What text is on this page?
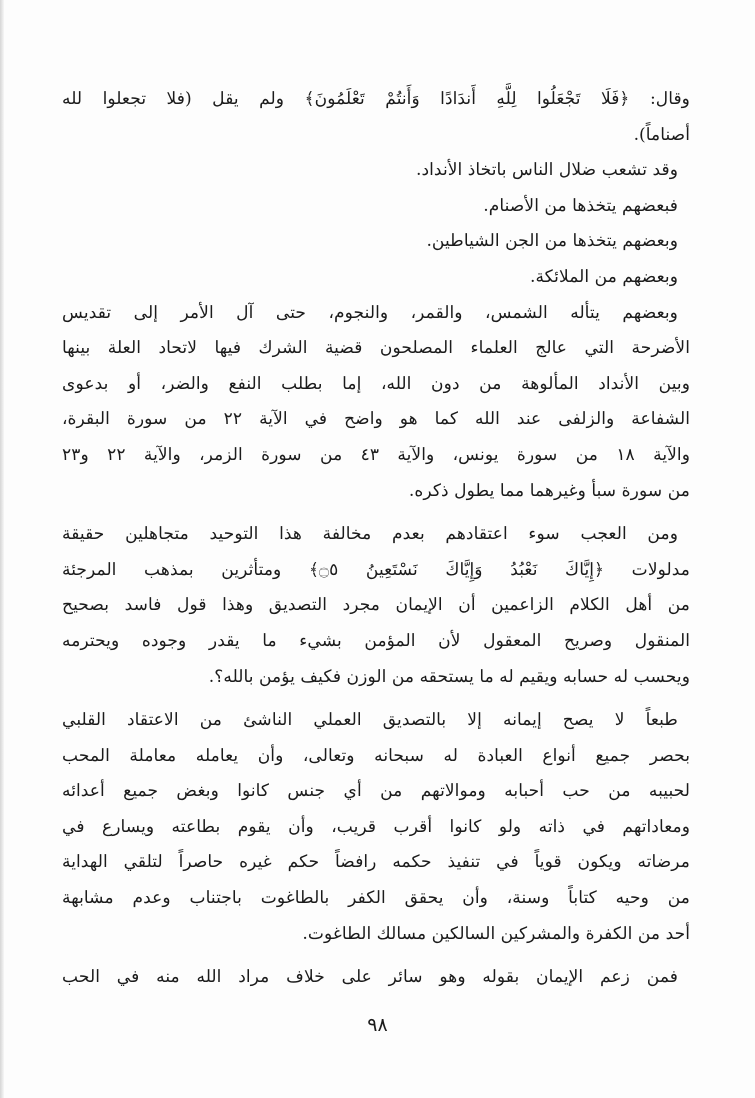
وقال: ﴿فَلَا تَجْعَلُوا لِلَّهِ أَندَادًا وَأَنتُمْ تَعْلَمُونَ﴾ ولم يقل (فلا تجعلوا لله
أصناماً).
وقد تشعب ضلال الناس باتخاذ الأنداد.
فبعضهم يتخذها من الأصنام.
وبعضهم يتخذها من الجن الشياطين.
وبعضهم من الملائكة.
وبعضهم يتأله الشمس، والقمر، والنجوم، حتى آل الأمر إلى تقديس
الأضرحة التي عالج العلماء المصلحون قضية الشرك فيها لاتحاد العلة بينها
وبين الأنداد المألوهة من دون الله، إما بطلب النفع والضر، أو بدعوى
الشفاعة والزلفى عند الله كما هو واضح في الآية ٢٢ من سورة البقرة،
والآية ١٨ من سورة يونس، والآية ٤٣ من سورة الزمر، والآية ٢٢ و٢٣
من سورة سبأ وغيرهما مما يطول ذكره.
ومن العجب سوء اعتقادهم بعدم مخالفة هذا التوحيد متجاهلين حقيقة
مدلولات ﴿إِيَّاكَ نَعْبُدُ وَإِيَّاكَ نَسْتَعِينُ ۝٥﴾ ومتأثرين بمذهب المرجئة
من أهل الكلام الزاعمين أن الإيمان مجرد التصديق وهذا قول فاسد بصحيح
المنقول وصريح المعقول لأن المؤمن بشيء ما يقدر وجوده ويحترمه
ويحسب له حسابه ويقيم له ما يستحقه من الوزن فكيف يؤمن بالله؟.
طبعاً لا يصح إيمانه إلا بالتصديق العملي الناشئ من الاعتقاد القلبي
بحصر جميع أنواع العبادة له سبحانه وتعالى، وأن يعامله معاملة المحب
لحبيبه من حب أحبابه وموالاتهم من أي جنس كانوا وبغض جميع أعدائه
ومعاداتهم في ذاته ولو كانوا أقرب قريب، وأن يقوم بطاعته ويسارع في
مرضاته ويكون قوياً في تنفيذ حكمه رافضاً حكم غيره حاصراً لتلقي الهداية
من وحيه كتاباً وسنة، وأن يحقق الكفر بالطاغوت باجتناب وعدم مشابهة
أحد من الكفرة والمشركين السالكين مسالك الطاغوت.
فمن زعم الإيمان بقوله وهو سائر على خلاف مراد الله منه في الحب
٩٨
